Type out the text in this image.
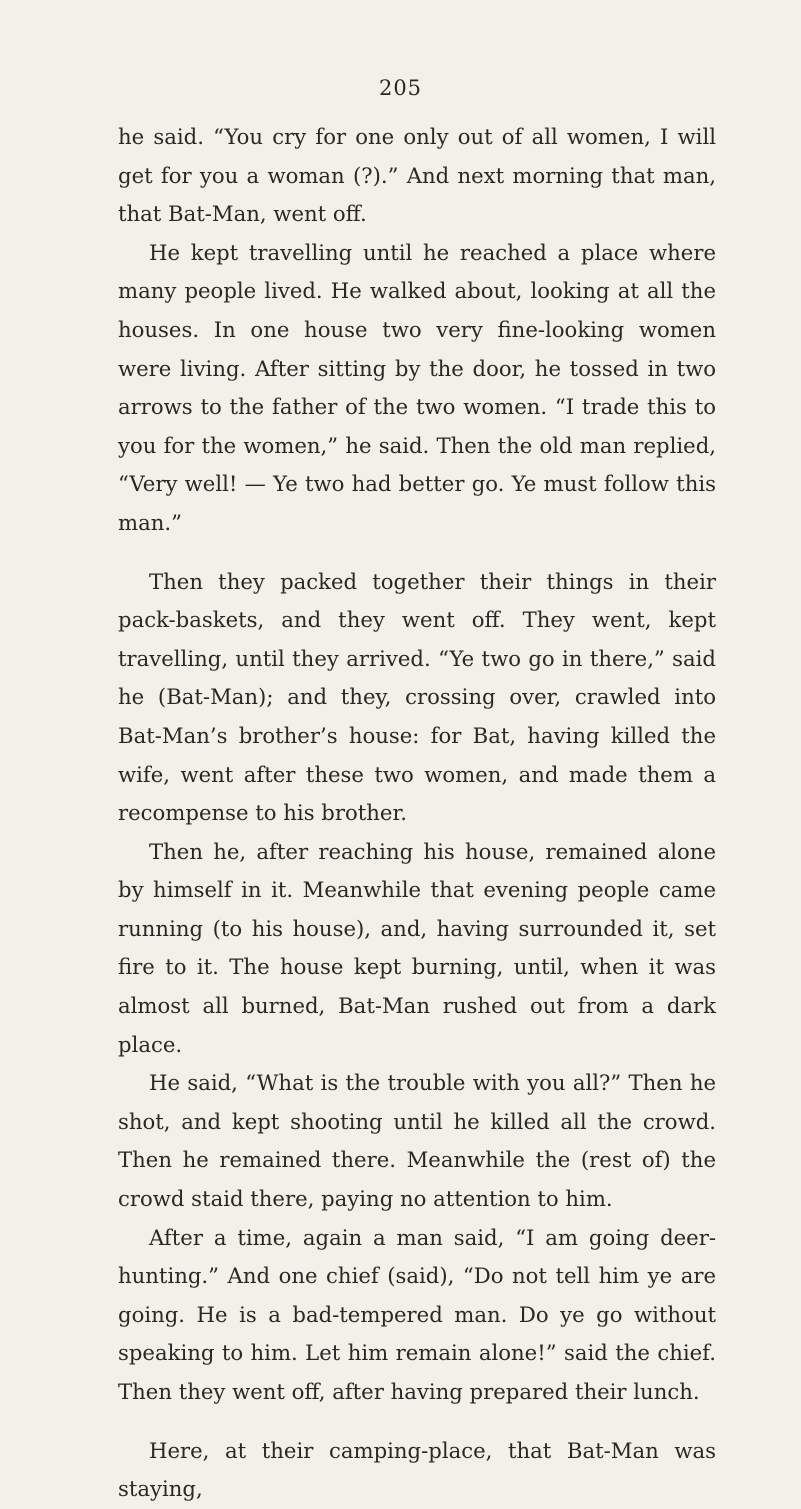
205

he said. “You cry for one only out of all women, I will get for you a woman (?).” And next morning that man, that Bat-Man, went off.

He kept travelling until he reached a place where many people lived. He walked about, looking at all the houses. In one house two very fine-looking women were living. After sitting by the door, he tossed in two arrows to the father of the two women. “I trade this to you for the women,” he said. Then the old man replied, “Very well! — Ye two had better go. Ye must follow this man.”

Then they packed together their things in their pack-baskets, and they went off. They went, kept travelling, until they arrived. “Ye two go in there,” said he (Bat-Man); and they, crossing over, crawled into Bat-Man’s brother’s house: for Bat, having killed the wife, went after these two women, and made them a recompense to his brother.

Then he, after reaching his house, remained alone by himself in it. Meanwhile that evening people came running (to his house), and, having surrounded it, set fire to it. The house kept burning, until, when it was almost all burned, Bat-Man rushed out from a dark place.

He said, “What is the trouble with you all?” Then he shot, and kept shooting until he killed all the crowd. Then he remained there. Meanwhile the (rest of) the crowd staid there, paying no attention to him.

After a time, again a man said, “I am going deer-hunting.” And one chief (said), “Do not tell him ye are going. He is a bad-tempered man. Do ye go without speaking to him. Let him remain alone!” said the chief. Then they went off, after having prepared their lunch.

Here, at their camping-place, that Bat-Man was staying,
